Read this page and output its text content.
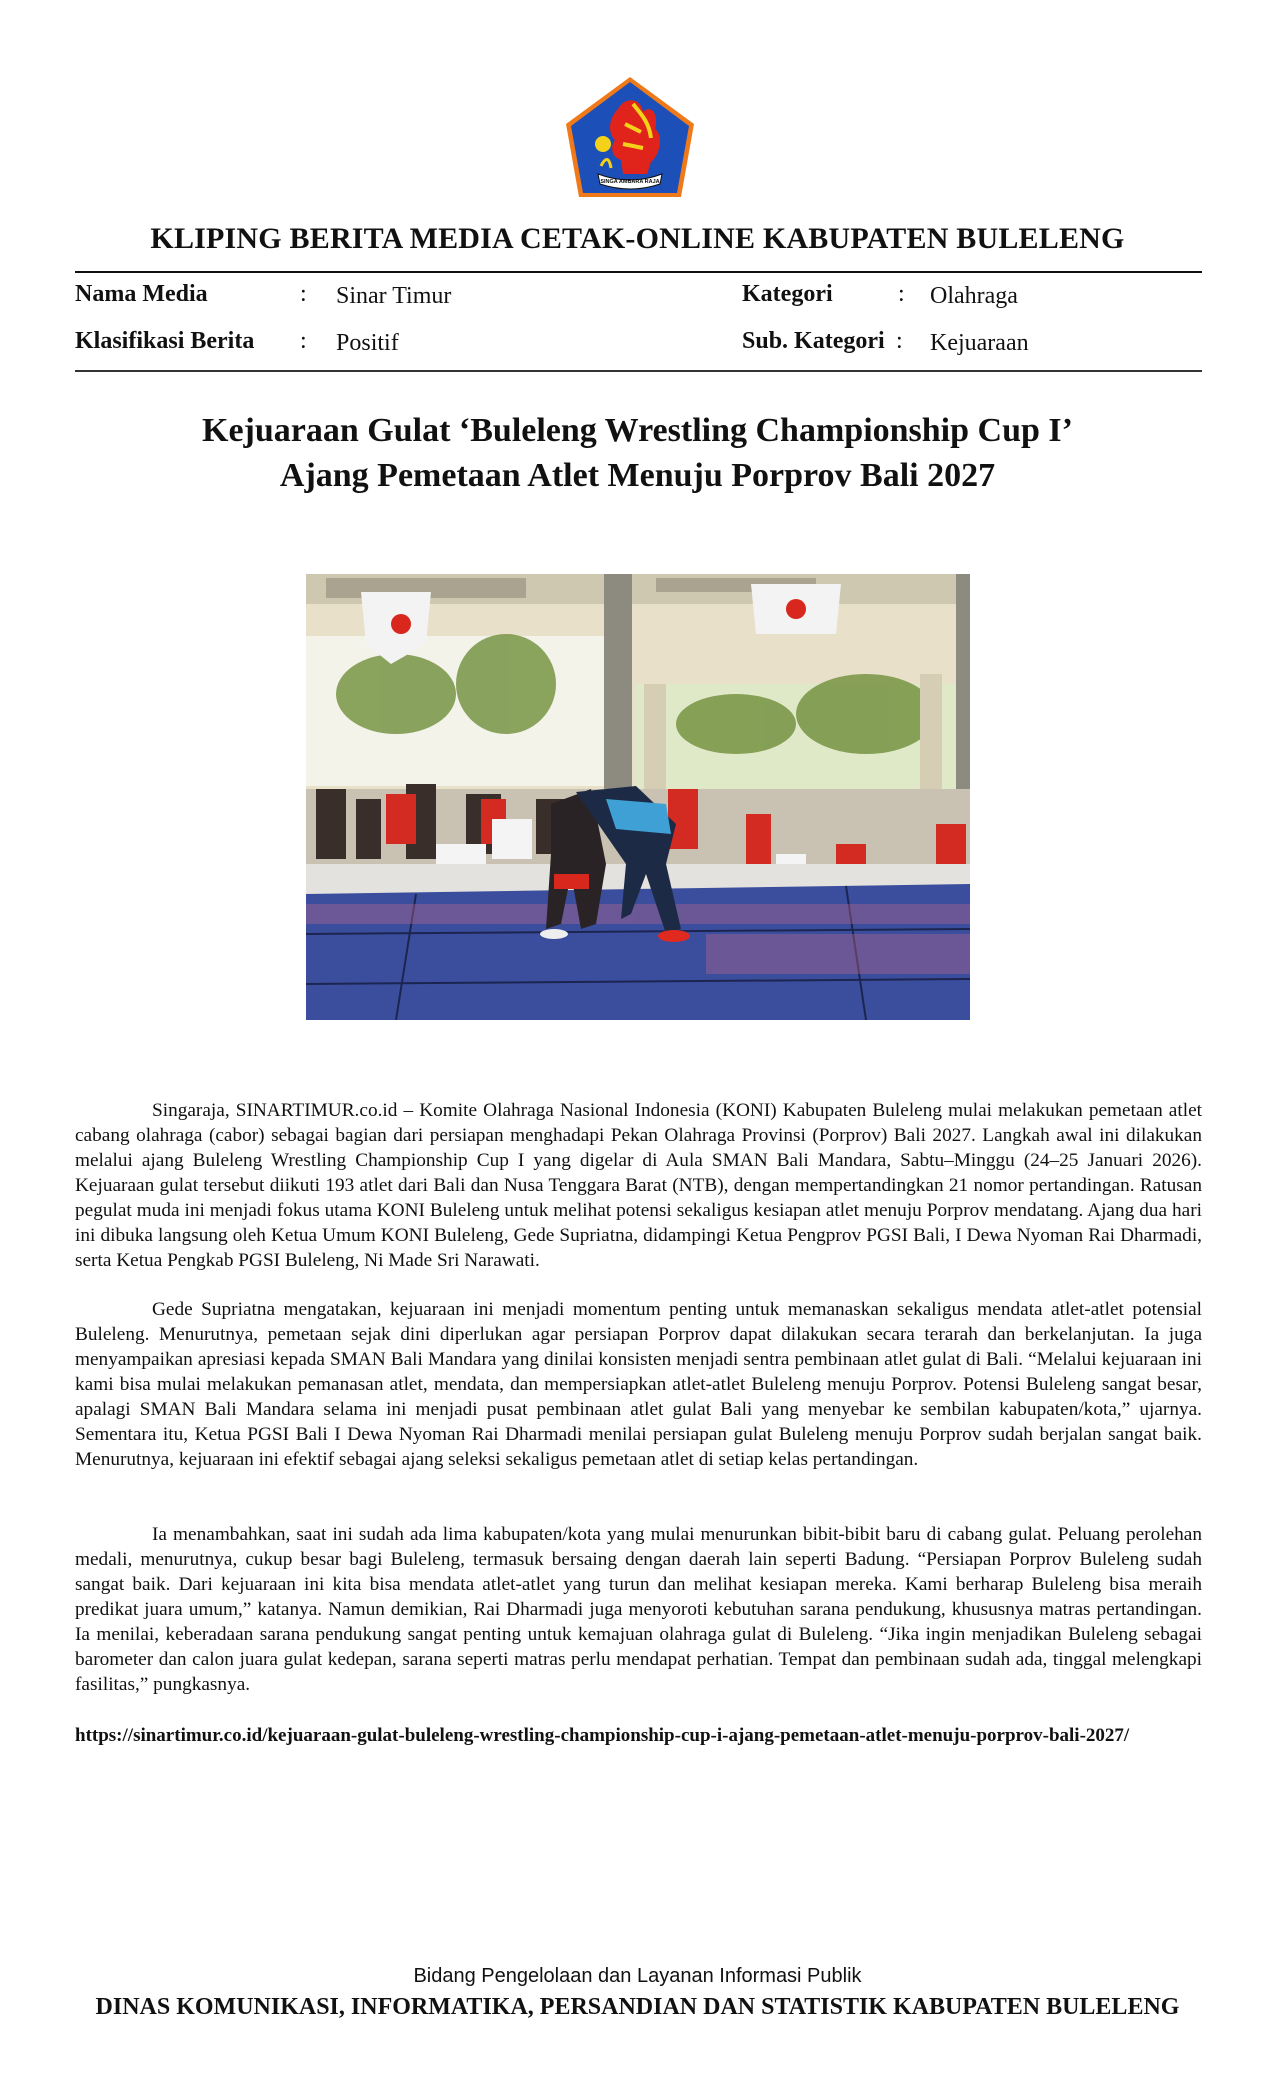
SINGA AMBARA RAJA
KLIPING BERITA MEDIA CETAK-ONLINE KABUPATEN BULELENG
Nama Media	: Sinar Timur	Kategori	: Olahraga
Klasifikasi Berita : Positif	Sub. Kategori : Kejuaraan
Kejuaraan Gulat ‘Buleleng Wrestling Championship Cup I’
Ajang Pemetaan Atlet Menuju Porprov Bali 2027
Singaraja, SINARTIMUR.co.id – Komite Olahraga Nasional Indonesia (KONI) Kabupaten Buleleng mulai melakukan pemetaan atlet cabang olahraga (cabor) sebagai bagian dari persiapan menghadapi Pekan Olahraga Provinsi (Porprov) Bali 2027. Langkah awal ini dilakukan melalui ajang Buleleng Wrestling Championship Cup I yang digelar di Aula SMAN Bali Mandara, Sabtu–Minggu (24–25 Januari 2026). Kejuaraan gulat tersebut diikuti 193 atlet dari Bali dan Nusa Tenggara Barat (NTB), dengan mempertandingkan 21 nomor pertandingan. Ratusan pegulat muda ini menjadi fokus utama KONI Buleleng untuk melihat potensi sekaligus kesiapan atlet menuju Porprov mendatang. Ajang dua hari ini dibuka langsung oleh Ketua Umum KONI Buleleng, Gede Supriatna, didampingi Ketua Pengprov PGSI Bali, I Dewa Nyoman Rai Dharmadi, serta Ketua Pengkab PGSI Buleleng, Ni Made Sri Narawati.
Gede Supriatna mengatakan, kejuaraan ini menjadi momentum penting untuk memanaskan sekaligus mendata atlet-atlet potensial Buleleng. Menurutnya, pemetaan sejak dini diperlukan agar persiapan Porprov dapat dilakukan secara terarah dan berkelanjutan. Ia juga menyampaikan apresiasi kepada SMAN Bali Mandara yang dinilai konsisten menjadi sentra pembinaan atlet gulat di Bali. “Melalui kejuaraan ini kami bisa mulai melakukan pemanasan atlet, mendata, dan mempersiapkan atlet-atlet Buleleng menuju Porprov. Potensi Buleleng sangat besar, apalagi SMAN Bali Mandara selama ini menjadi pusat pembinaan atlet gulat Bali yang menyebar ke sembilan kabupaten/kota,” ujarnya. Sementara itu, Ketua PGSI Bali I Dewa Nyoman Rai Dharmadi menilai persiapan gulat Buleleng menuju Porprov sudah berjalan sangat baik. Menurutnya, kejuaraan ini efektif sebagai ajang seleksi sekaligus pemetaan atlet di setiap kelas pertandingan.
Ia menambahkan, saat ini sudah ada lima kabupaten/kota yang mulai menurunkan bibit-bibit baru di cabang gulat. Peluang perolehan medali, menurutnya, cukup besar bagi Buleleng, termasuk bersaing dengan daerah lain seperti Badung. “Persiapan Porprov Buleleng sudah sangat baik. Dari kejuaraan ini kita bisa mendata atlet-atlet yang turun dan melihat kesiapan mereka. Kami berharap Buleleng bisa meraih predikat juara umum,” katanya. Namun demikian, Rai Dharmadi juga menyoroti kebutuhan sarana pendukung, khususnya matras pertandingan. Ia menilai, keberadaan sarana pendukung sangat penting untuk kemajuan olahraga gulat di Buleleng. “Jika ingin menjadikan Buleleng sebagai barometer dan calon juara gulat kedepan, sarana seperti matras perlu mendapat perhatian. Tempat dan pembinaan sudah ada, tinggal melengkapi fasilitas,” pungkasnya.
https://sinartimur.co.id/kejuaraan-gulat-buleleng-wrestling-championship-cup-i-ajang-pemetaan-atlet-menuju-porprov-bali-2027/
Bidang Pengelolaan dan Layanan Informasi Publik
DINAS KOMUNIKASI, INFORMATIKA, PERSANDIAN DAN STATISTIK KABUPATEN BULELENG
